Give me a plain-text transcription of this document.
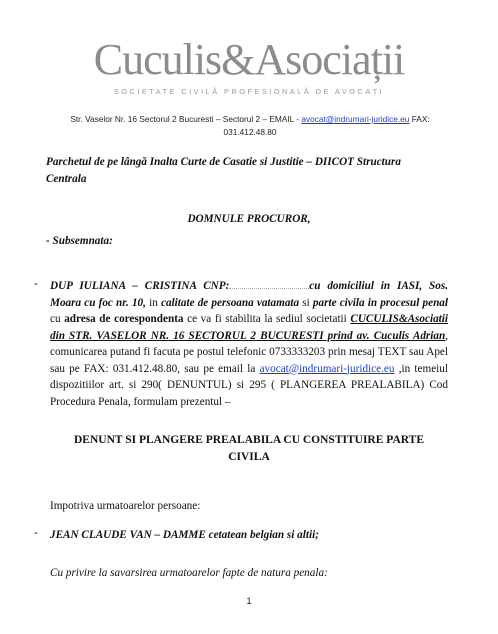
Cuculis&Asociații
SOCIETATE CIVILĂ PROFESIONALĂ DE AVOCAȚI
Str. Vaselor Nr. 16 Sectorul 2 Bucuresti – Sectorul 2 – EMAIL - avocat@indrumari-juridice.eu FAX:
031.412.48.80
Parchetul de pe lângă Inalta Curte de Casatie si Justitie – DIICOT Structura Centrala
DOMNULE PROCUROR,
- Subsemnata:
- DUP IULIANA – CRISTINA CNP:	cu domiciliul in IASI, Sos. Moara cu foc nr. 10, in calitate de persoana vatamata si parte civila in procesul penal cu adresa de corespondenta ce va fi stabilita la sediul societatii CUCULIS&Asociatii din STR. VASELOR NR. 16 SECTORUL 2 BUCURESTI prind av. Cuculis Adrian, comunicarea putand fi facuta pe postul telefonic 0733333203 prin mesaj TEXT sau Apel sau pe FAX: 031.412.48.80, sau pe email la avocat@indrumari-juridice.eu ,in temeiul dispozitiilor art. si 290( DENUNTUL) si 295 ( PLANGEREA PREALABILA) Cod Procedura Penala, formulam prezentul –
DENUNT SI PLANGERE PREALABILA CU CONSTITUIRE PARTE CIVILA
Impotriva urmatoarelor persoane:
- JEAN CLAUDE VAN – DAMME cetatean belgian si altii;
Cu privire la savarsirea urmatoarelor fapte de natura penala:
1
